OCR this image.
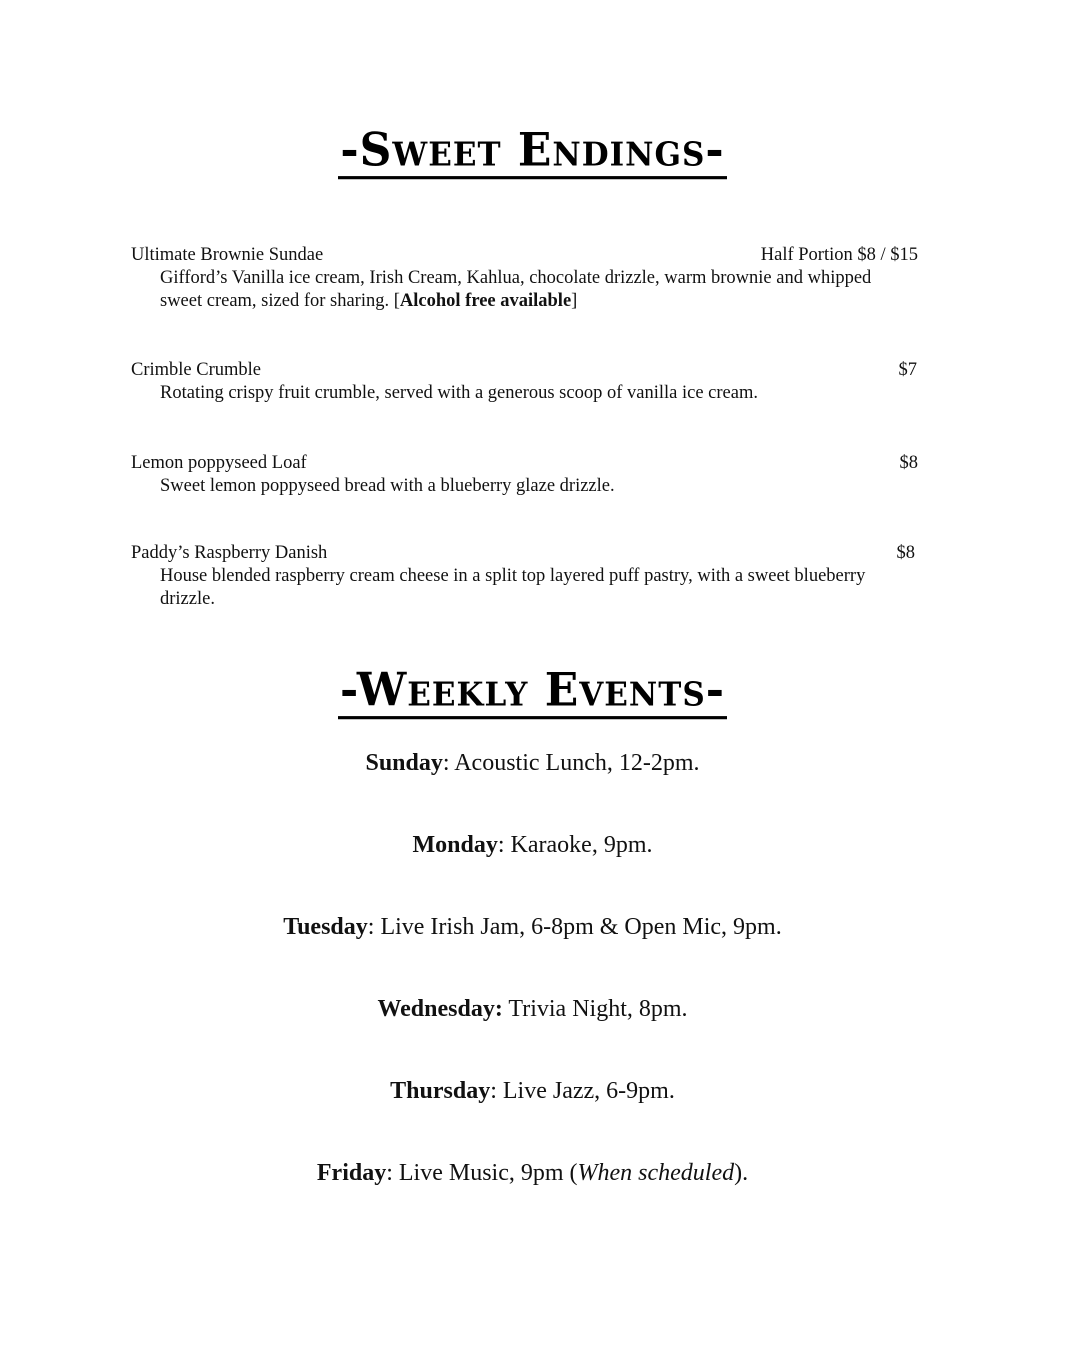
-Sweet Endings-
Ultimate Brownie Sundae	Half Portion $8 / $15
Gifford’s Vanilla ice cream, Irish Cream, Kahlua, chocolate drizzle, warm brownie and whipped sweet cream, sized for sharing. [Alcohol free available]
Crimble Crumble	$7
Rotating crispy fruit crumble, served with a generous scoop of vanilla ice cream.
Lemon poppyseed Loaf	$8
Sweet lemon poppyseed bread with a blueberry glaze drizzle.
Paddy’s Raspberry Danish	$8
House blended raspberry cream cheese in a split top layered puff pastry, with a sweet blueberry drizzle.
-Weekly Events-
Sunday: Acoustic Lunch, 12-2pm.
Monday: Karaoke, 9pm.
Tuesday: Live Irish Jam, 6-8pm & Open Mic, 9pm.
Wednesday: Trivia Night, 8pm.
Thursday: Live Jazz, 6-9pm.
Friday: Live Music, 9pm (When scheduled).
